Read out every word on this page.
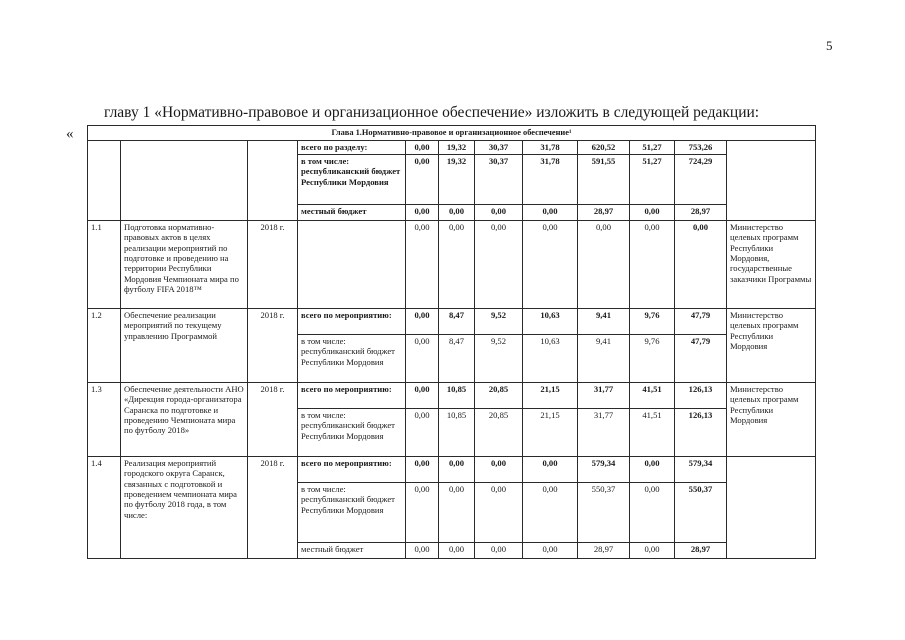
5
главу 1 «Нормативно-правовое и организационное обеспечение» изложить в следующей редакции:
«	Глава 1.Нормативно-правовое и организационное обеспечение¹											
			всего по разделу:	0,00	19,32	30,37	31,78	620,52	51,27	753,26	
			в том числе: республиканский бюджет Республики Мордовия	0,00	19,32	30,37	31,78	591,55	51,27	724,29	
			местный бюджет	0,00	0,00	0,00	0,00	28,97	0,00	28,97	
1.1	Подготовка нормативно-правовых актов в целях реализации мероприятий по подготовке и проведению на территории Республики Мордовия Чемпионата мира по футболу FIFA 2018™	2018 г.		0,00	0,00	0,00	0,00	0,00	0,00	0,00	Министерство целевых программ Республики Мордовия, государственные заказчики Программы
1.2	Обеспечение реализации мероприятий по текущему управлению Программой	2018 г.	всего по мероприятию:	0,00	8,47	9,52	10,63	9,41	9,76	47,79	Министерство целевых программ Республики Мордовия
			в том числе: республиканский бюджет Республики Мордовия	0,00	8,47	9,52	10,63	9,41	9,76	47,79	
1.3	Обеспечение деятельности АНО «Дирекция города-организатора Саранска по подготовке и проведению Чемпионата мира по футболу 2018»	2018 г.	всего по мероприятию:	0,00	10,85	20,85	21,15	31,77	41,51	126,13	Министерство целевых программ Республики Мордовия
			в том числе: республиканский бюджет Республики Мордовия	0,00	10,85	20,85	21,15	31,77	41,51	126,13	
1.4	Реализация мероприятий городского округа Саранск, связанных с подготовкой и проведением чемпионата мира по футболу 2018 года, в том числе:	2018 г.	всего по мероприятию:	0,00	0,00	0,00	0,00	579,34	0,00	579,34	
			в том числе: республиканский бюджет Республики Мордовия	0,00	0,00	0,00	0,00	550,37	0,00	550,37	
			местный бюджет	0,00	0,00	0,00	0,00	28,97	0,00	28,97	
